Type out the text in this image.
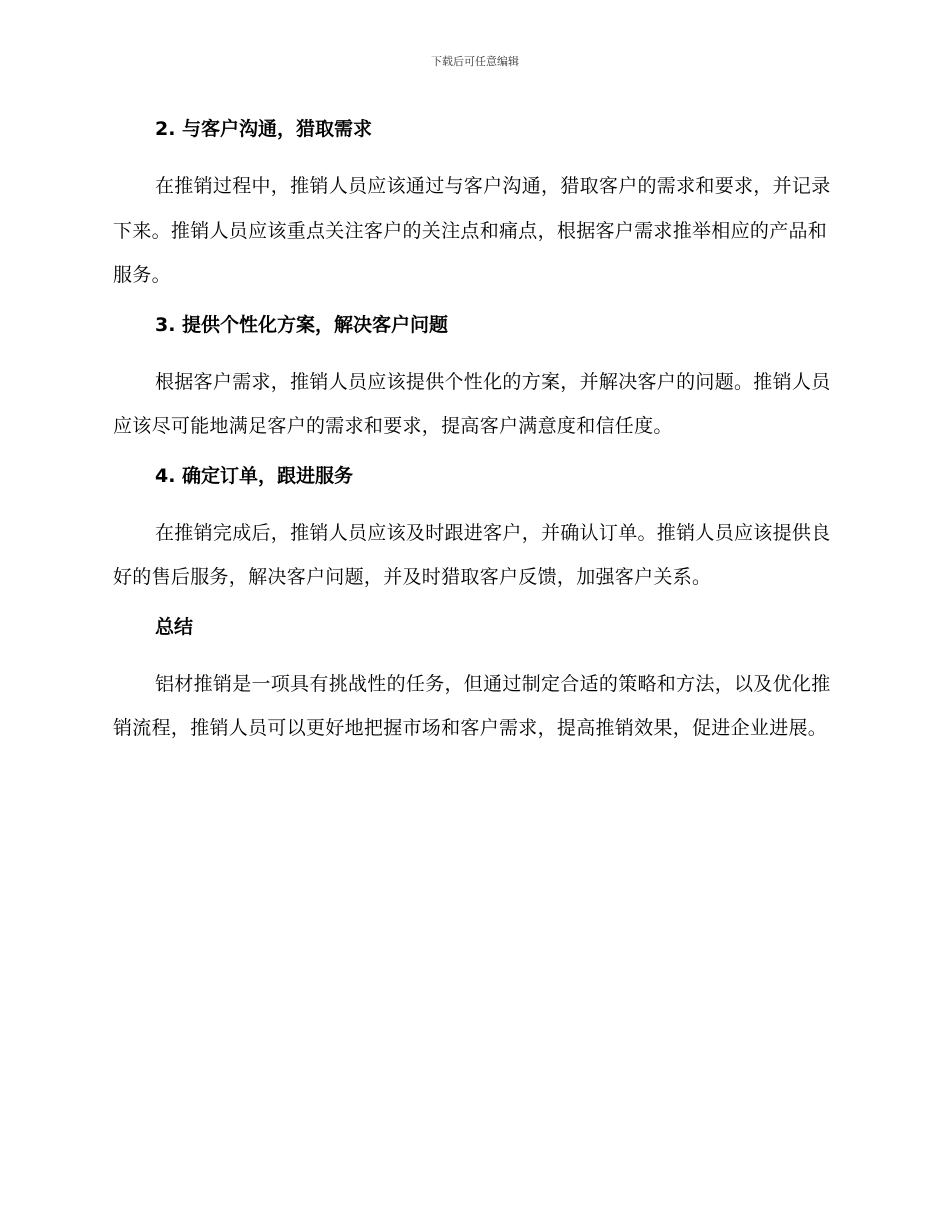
下载后可任意编辑
2. 与客户沟通，猎取需求

在推销过程中，推销人员应该通过与客户沟通，猎取客户的需求和要求，并记录下来。推销人员应该重点关注客户的关注点和痛点，根据客户需求推举相应的产品和服务。

3. 提供个性化方案，解决客户问题

根据客户需求，推销人员应该提供个性化的方案，并解决客户的问题。推销人员应该尽可能地满足客户的需求和要求，提高客户满意度和信任度。

4. 确定订单，跟进服务

在推销完成后，推销人员应该及时跟进客户，并确认订单。推销人员应该提供良好的售后服务，解决客户问题，并及时猎取客户反馈，加强客户关系。

总结

铝材推销是一项具有挑战性的任务，但通过制定合适的策略和方法，以及优化推销流程，推销人员可以更好地把握市场和客户需求，提高推销效果，促进企业进展。
